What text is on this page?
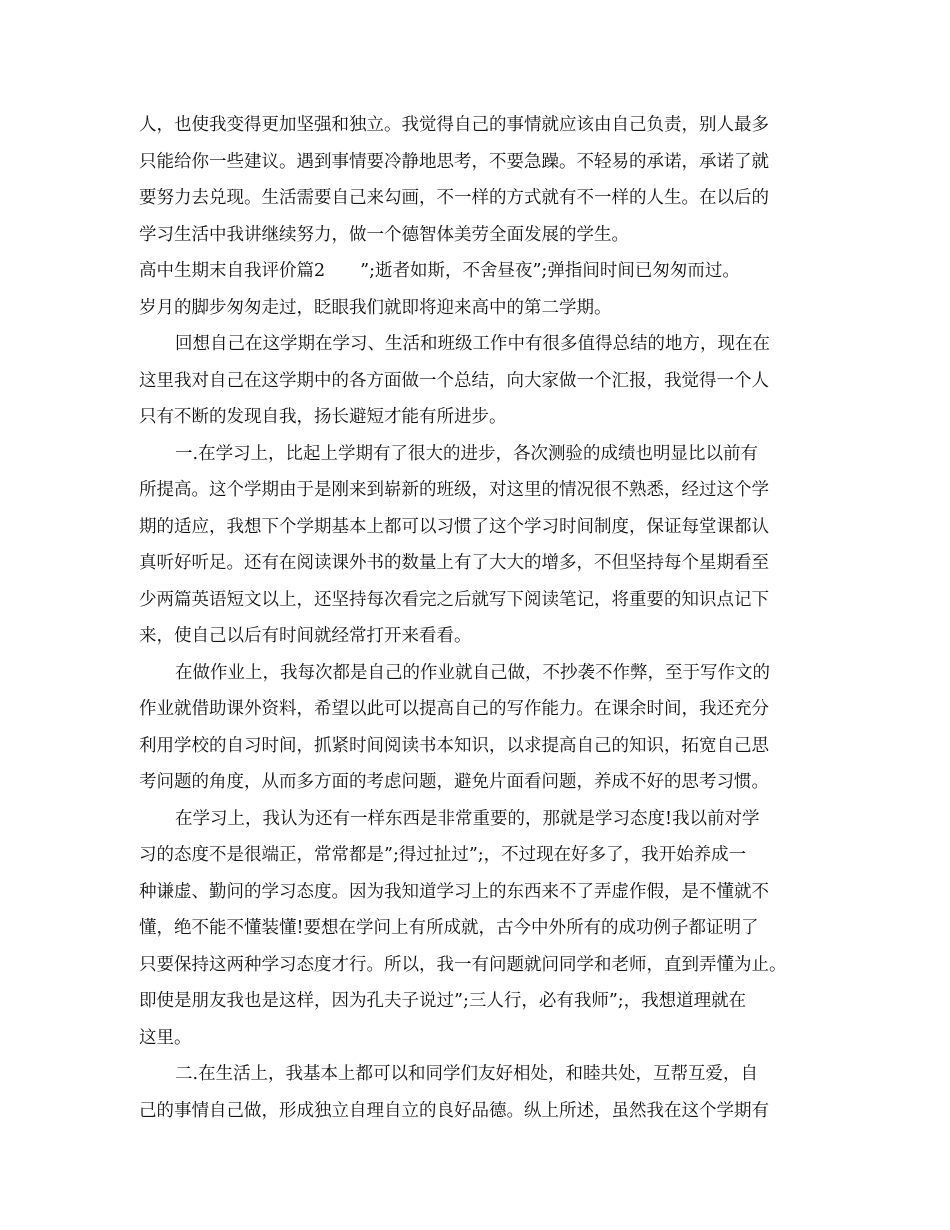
人，也使我变得更加坚强和独立。我觉得自己的事情就应该由自己负责，别人最多
只能给你一些建议。遇到事情要冷静地思考，不要急躁。不轻易的承诺，承诺了就
要努力去兑现。生活需要自己来勾画，不一样的方式就有不一样的人生。在以后的
学习生活中我讲继续努力，做一个德智体美劳全面发展的学生。
高中生期末自我评价篇2　　”;逝者如斯，不舍昼夜”;弹指间时间已匆匆而过。
岁月的脚步匆匆走过，眨眼我们就即将迎来高中的第二学期。
回想自己在这学期在学习、生活和班级工作中有很多值得总结的地方，现在在
这里我对自己在这学期中的各方面做一个总结，向大家做一个汇报，我觉得一个人
只有不断的发现自我，扬长避短才能有所进步。
一.在学习上，比起上学期有了很大的进步，各次测验的成绩也明显比以前有
所提高。这个学期由于是刚来到崭新的班级，对这里的情况很不熟悉，经过这个学
期的适应，我想下个学期基本上都可以习惯了这个学习时间制度，保证每堂课都认
真听好听足。还有在阅读课外书的数量上有了大大的增多，不但坚持每个星期看至
少两篇英语短文以上，还坚持每次看完之后就写下阅读笔记，将重要的知识点记下
来，使自己以后有时间就经常打开来看看。
在做作业上，我每次都是自己的作业就自己做，不抄袭不作弊，至于写作文的
作业就借助课外资料，希望以此可以提高自己的写作能力。在课余时间，我还充分
利用学校的自习时间，抓紧时间阅读书本知识，以求提高自己的知识，拓宽自己思
考问题的角度，从而多方面的考虑问题，避免片面看问题，养成不好的思考习惯。
在学习上，我认为还有一样东西是非常重要的，那就是学习态度!我以前对学
习的态度不是很端正，常常都是”;得过扯过”;，不过现在好多了，我开始养成一
种谦虚、勤问的学习态度。因为我知道学习上的东西来不了弄虚作假，是不懂就不
懂，绝不能不懂装懂!要想在学问上有所成就，古今中外所有的成功例子都证明了
只要保持这两种学习态度才行。所以，我一有问题就问同学和老师，直到弄懂为止。
即使是朋友我也是这样，因为孔夫子说过”;三人行，必有我师”;，我想道理就在
这里。
二.在生活上，我基本上都可以和同学们友好相处，和睦共处，互帮互爱，自
己的事情自己做，形成独立自理自立的良好品德。纵上所述，虽然我在这个学期有
